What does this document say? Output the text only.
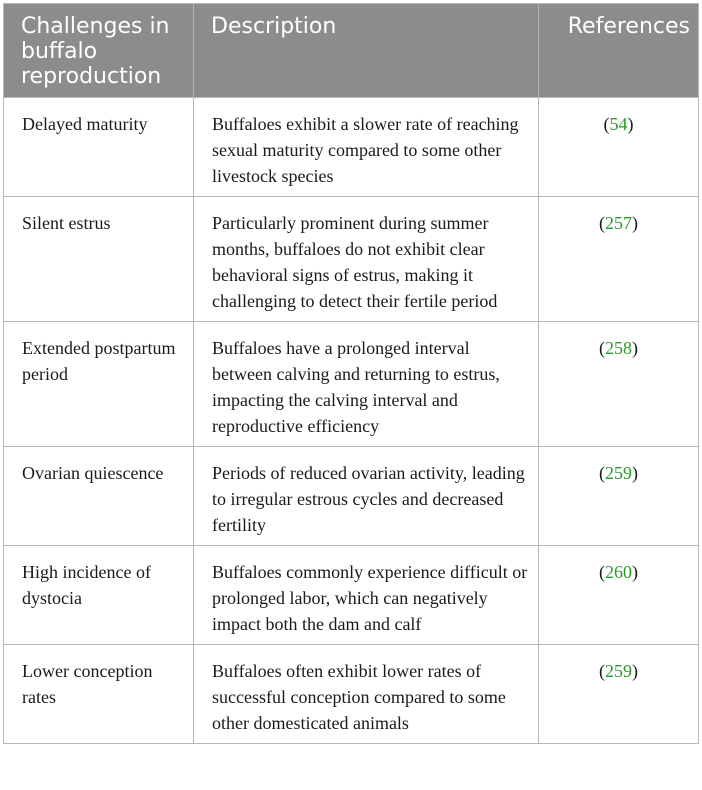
Challenges in buffalo reproduction	Description	References
Delayed maturity	Buffaloes exhibit a slower rate of reaching sexual maturity compared to some other livestock species	(54)
Silent estrus	Particularly prominent during summer months, buffaloes do not exhibit clear behavioral signs of estrus, making it challenging to detect their fertile period	(257)
Extended postpartum period	Buffaloes have a prolonged interval between calving and returning to estrus, impacting the calving interval and reproductive efficiency	(258)
Ovarian quiescence	Periods of reduced ovarian activity, leading to irregular estrous cycles and decreased fertility	(259)
High incidence of dystocia	Buffaloes commonly experience difficult or prolonged labor, which can negatively impact both the dam and calf	(260)
Lower conception rates	Buffaloes often exhibit lower rates of successful conception compared to some other domesticated animals	(259)
